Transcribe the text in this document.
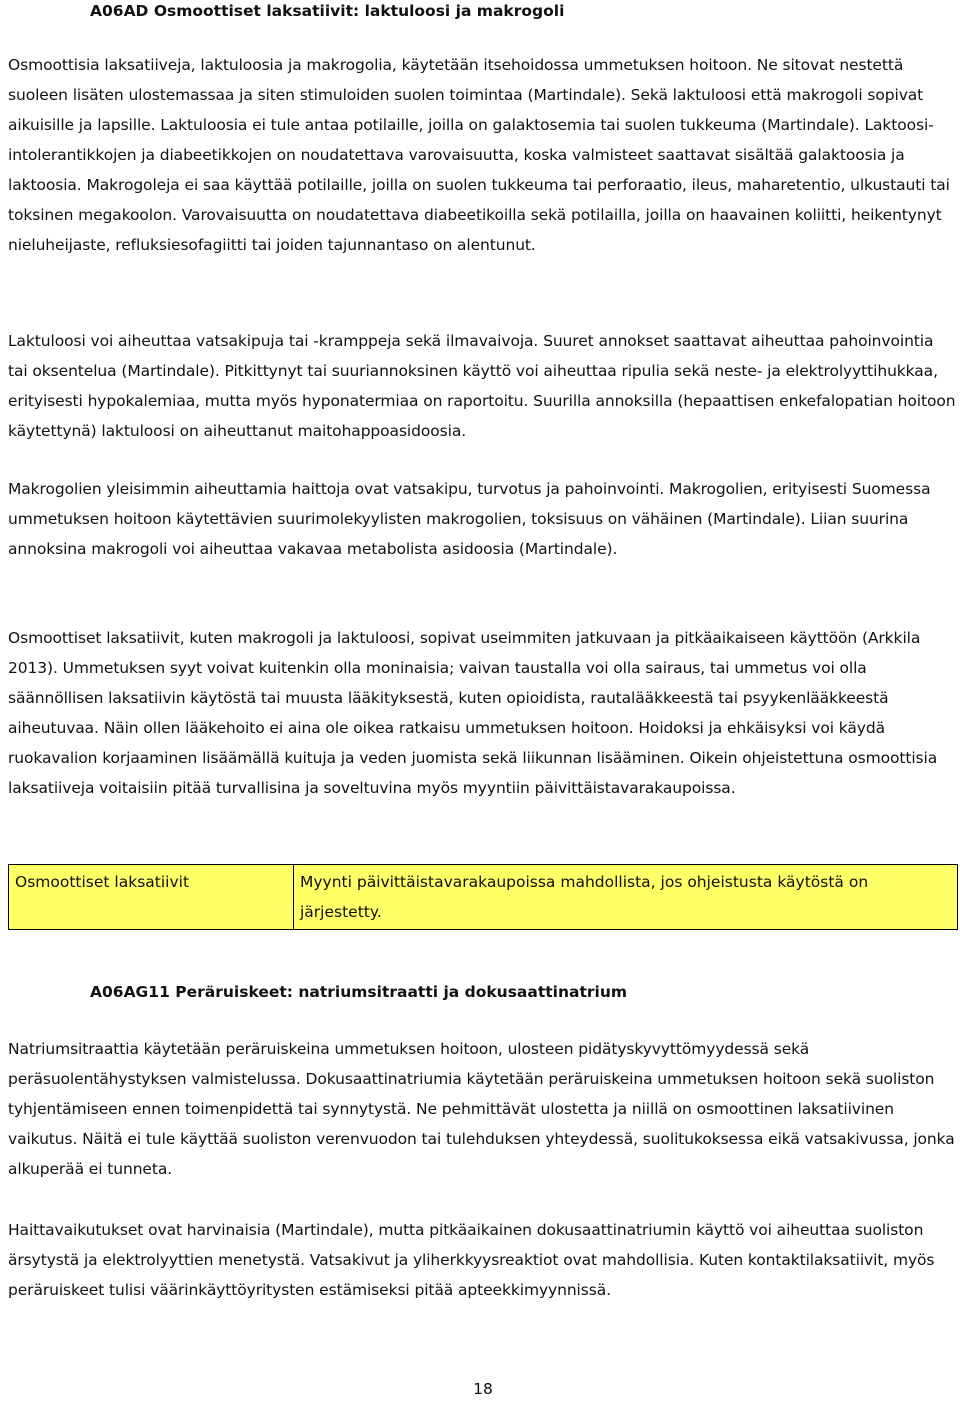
A06AD Osmoottiset laksatiivit: laktuloosi ja makrogoli

Osmoottisia laksatiiveja, laktuloosia ja makrogolia, käytetään itsehoidossa ummetuksen hoitoon. Ne sitovat nestettä suoleen lisäten ulostemassaa ja siten stimuloiden suolen toimintaa (Martindale). Sekä laktuloosi että makrogoli sopivat aikuisille ja lapsille. Laktuloosia ei tule antaa potilaille, joilla on galaktosemia tai suolen tukkeuma (Martindale). Laktoosi-intolerantikkojen ja diabeetikkojen on noudatettava varovaisuutta, koska valmisteet saattavat sisältää galaktoosia ja laktoosia. Makrogoleja ei saa käyttää potilaille, joilla on suolen tukkeuma tai perforaatio, ileus, maharetentio, ulkustauti tai toksinen megakoolon. Varovaisuutta on noudatettava diabeetikoilla sekä potilailla, joilla on haavainen koliitti, heikentynyt nieluheijaste, refluksiesofagiitti tai joiden tajunnantaso on alentunut.

Laktuloosi voi aiheuttaa vatsakipuja tai -kramppeja sekä ilmavaivoja. Suuret annokset saattavat aiheuttaa pahoinvointia tai oksentelua (Martindale). Pitkittynyt tai suuriannoksinen käyttö voi aiheuttaa ripulia sekä neste- ja elektrolyyttihukkaa, erityisesti hypokalemiaa, mutta myös hyponatermiaa on raportoitu. Suurilla annoksilla (hepaattisen enkefalopatian hoitoon käytettynä) laktuloosi on aiheuttanut maitohappoasidoosia.

Makrogolien yleisimmin aiheuttamia haittoja ovat vatsakipu, turvotus ja pahoinvointi. Makrogolien, erityisesti Suomessa ummetuksen hoitoon käytettävien suurimolekyylisten makrogolien, toksisuus on vähäinen (Martindale). Liian suurina annoksina makrogoli voi aiheuttaa vakavaa metabolista asidoosia (Martindale).

Osmoottiset laksatiivit, kuten makrogoli ja laktuloosi, sopivat useimmiten jatkuvaan ja pitkäaikaiseen käyttöön (Arkkila 2013). Ummetuksen syyt voivat kuitenkin olla moninaisia; vaivan taustalla voi olla sairaus, tai ummetus voi olla säännöllisen laksatiivin käytöstä tai muusta lääkityksestä, kuten opioidista, rautalääkkeestä tai psyykenlääkkeestä aiheutuvaa. Näin ollen lääkehoito ei aina ole oikea ratkaisu ummetuksen hoitoon. Hoidoksi ja ehkäisyksi voi käydä ruokavalion korjaaminen lisäämällä kuituja ja veden juomista sekä liikunnan lisääminen. Oikein ohjeistettuna osmoottisia laksatiiveja voitaisiin pitää turvallisina ja soveltuvina myös myyntiin päivittäistavarakaupoissa.

Osmoottiset laksatiivit	Myynti päivittäistavarakaupoissa mahdollista, jos ohjeistusta käytöstä on järjestetty.
A06AG11 Peräruiskeet: natriumsitraatti ja dokusaattinatrium

Natriumsitraattia käytetään peräruiskeina ummetuksen hoitoon, ulosteen pidätyskyvyttömyydessä sekä peräsuolentähystyksen valmistelussa. Dokusaattinatriumia käytetään peräruiskeina ummetuksen hoitoon sekä suoliston tyhjentämiseen ennen toimenpidettä tai synnytystä. Ne pehmittävät ulostetta ja niillä on osmoottinen laksatiivinen vaikutus. Näitä ei tule käyttää suoliston verenvuodon tai tulehduksen yhteydessä, suolitukoksessa eikä vatsakivussa, jonka alkuperää ei tunneta.

Haittavaikutukset ovat harvinaisia (Martindale), mutta pitkäaikainen dokusaattinatriumin käyttö voi aiheuttaa suoliston ärsytystä ja elektrolyyttien menetystä. Vatsakivut ja yliherkkyysreaktiot ovat mahdollisia. Kuten kontaktilaksatiivit, myös peräruiskeet tulisi väärinkäyttöyritysten estämiseksi pitää apteekkimyynnissä.

18
